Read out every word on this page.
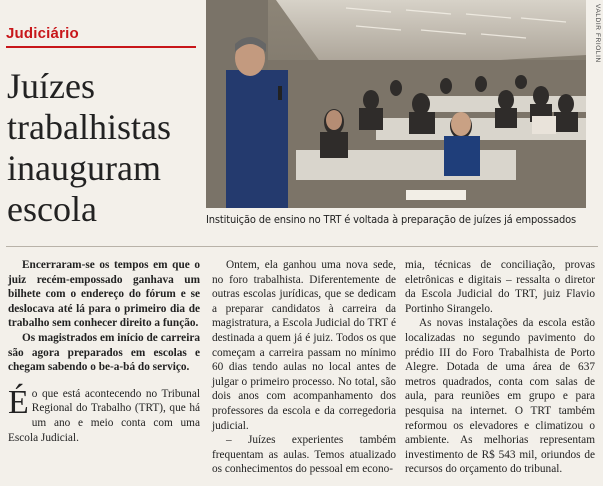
Judiciário
Juízes
trabalhistas
inauguram
escola
VALDIR FRIOLIN
Instituição de ensino no TRT é voltada à preparação de juízes já empossados

Encerraram-se os tempos em que o juiz recém-empossado ganhava um bilhete com o endereço do fórum e se deslocava até lá para o primeiro dia de trabalho sem conhecer direito a função.

Os magistrados em início de carreira são agora preparados em escolas e chegam sabendo o be-a-bá do serviço.

Éo que está acontecendo no Tribunal Regional do Trabalho (TRT), que há um ano e meio conta com uma Escola Judicial.

Ontem, ela ganhou uma nova sede, no foro trabalhista. Diferentemente de outras escolas jurídicas, que se dedicam a preparar candidatos à carreira da magistratura, a Escola Judicial do TRT é destinada a quem já é juiz. Todos os que começam a carreira passam no mínimo 60 dias tendo aulas no local antes de julgar o primeiro processo. No total, são dois anos com acompanhamento dos professores da escola e da corregedoria judicial.

– Juízes experientes também frequentam as aulas. Temos atualizado os conhecimentos do pessoal em econo-

mia, técnicas de conciliação, provas eletrônicas e digitais – ressalta o diretor da Escola Judicial do TRT, juiz Flavio Portinho Sirangelo.

As novas instalações da escola estão localizadas no segundo pavimento do prédio III do Foro Trabalhista de Porto Alegre. Dotada de uma área de 637 metros quadrados, conta com salas de aula, para reuniões em grupo e para pesquisa na internet. O TRT também reformou os elevadores e climatizou o ambiente. As melhorias representam investimento de R$ 543 mil, oriundos de recursos do orçamento do tribunal.
